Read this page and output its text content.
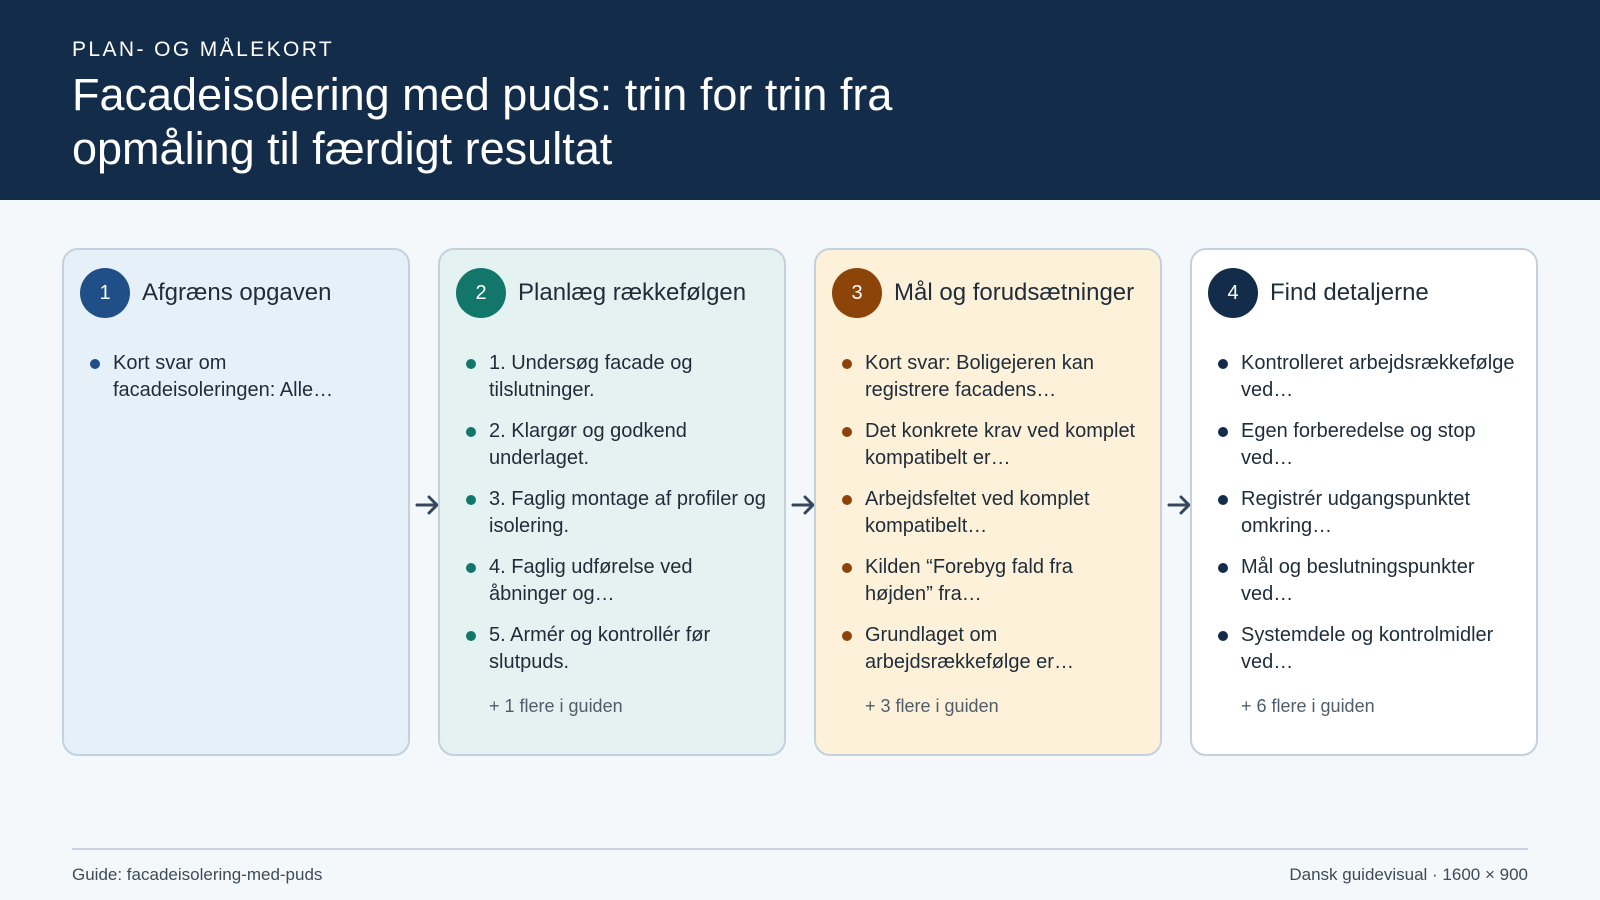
PLAN- OG MÅLEKORT
Facadeisolering med puds: trin for trin fra opmåling til færdigt resultat
1	Afgræns opgaven
Kort svar om facadeisoleringen: Alle…
2	Planlæg rækkefølgen
1. Undersøg facade og tilslutninger.
2. Klargør og godkend underlaget.
3. Faglig montage af profiler og isolering.
4. Faglig udførelse ved åbninger og…
5. Armér og kontrollér før slutpuds.
+ 1 flere i guiden
3	Mål og forudsætninger
Kort svar: Boligejeren kan registrere facadens…
Det konkrete krav ved komplet kompatibelt er…
Arbejdsfeltet ved komplet kompatibelt…
Kilden “Forebyg fald fra højden” fra…
Grundlaget om arbejdsrækkefølge er…
+ 3 flere i guiden
4	Find detaljerne
Kontrolleret arbejdsrækkefølge ved…
Egen forberedelse og stop ved…
Registrér udgangspunktet omkring…
Mål og beslutningspunkter ved…
Systemdele og kontrolmidler ved…
+ 6 flere i guiden
Guide: facadeisolering-med-puds	Dansk guidevisual · 1600 × 900
